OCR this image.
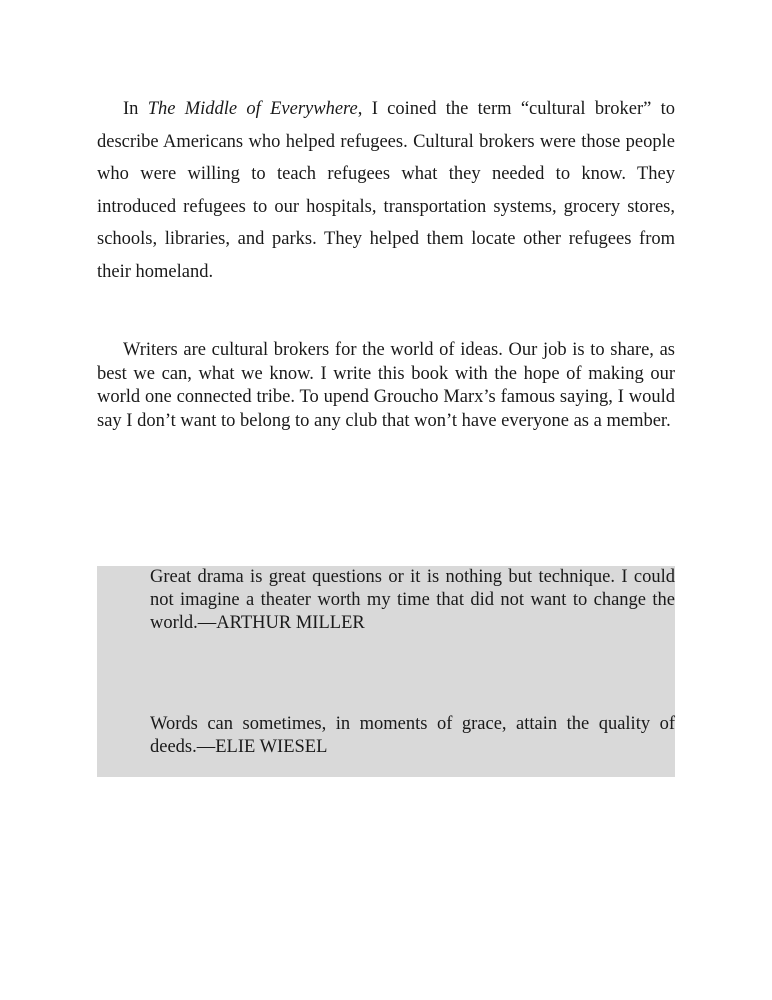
In The Middle of Everywhere, I coined the term “cultural broker” to describe Americans who helped refugees. Cultural brokers were those people who were willing to teach refugees what they needed to know. They introduced refugees to our hospitals, transportation systems, grocery stores, schools, libraries, and parks. They helped them locate other refugees from their homeland.

Writers are cultural brokers for the world of ideas. Our job is to share, as best we can, what we know. I write this book with the hope of making our world one connected tribe. To upend Groucho Marx’s famous saying, I would say I don’t want to belong to any club that won’t have everyone as a member.

Great drama is great questions or it is nothing but technique. I could not imagine a theater worth my time that did not want to change the world.—ARTHUR MILLER

Words can sometimes, in moments of grace, attain the quality of deeds.—ELIE WIESEL
